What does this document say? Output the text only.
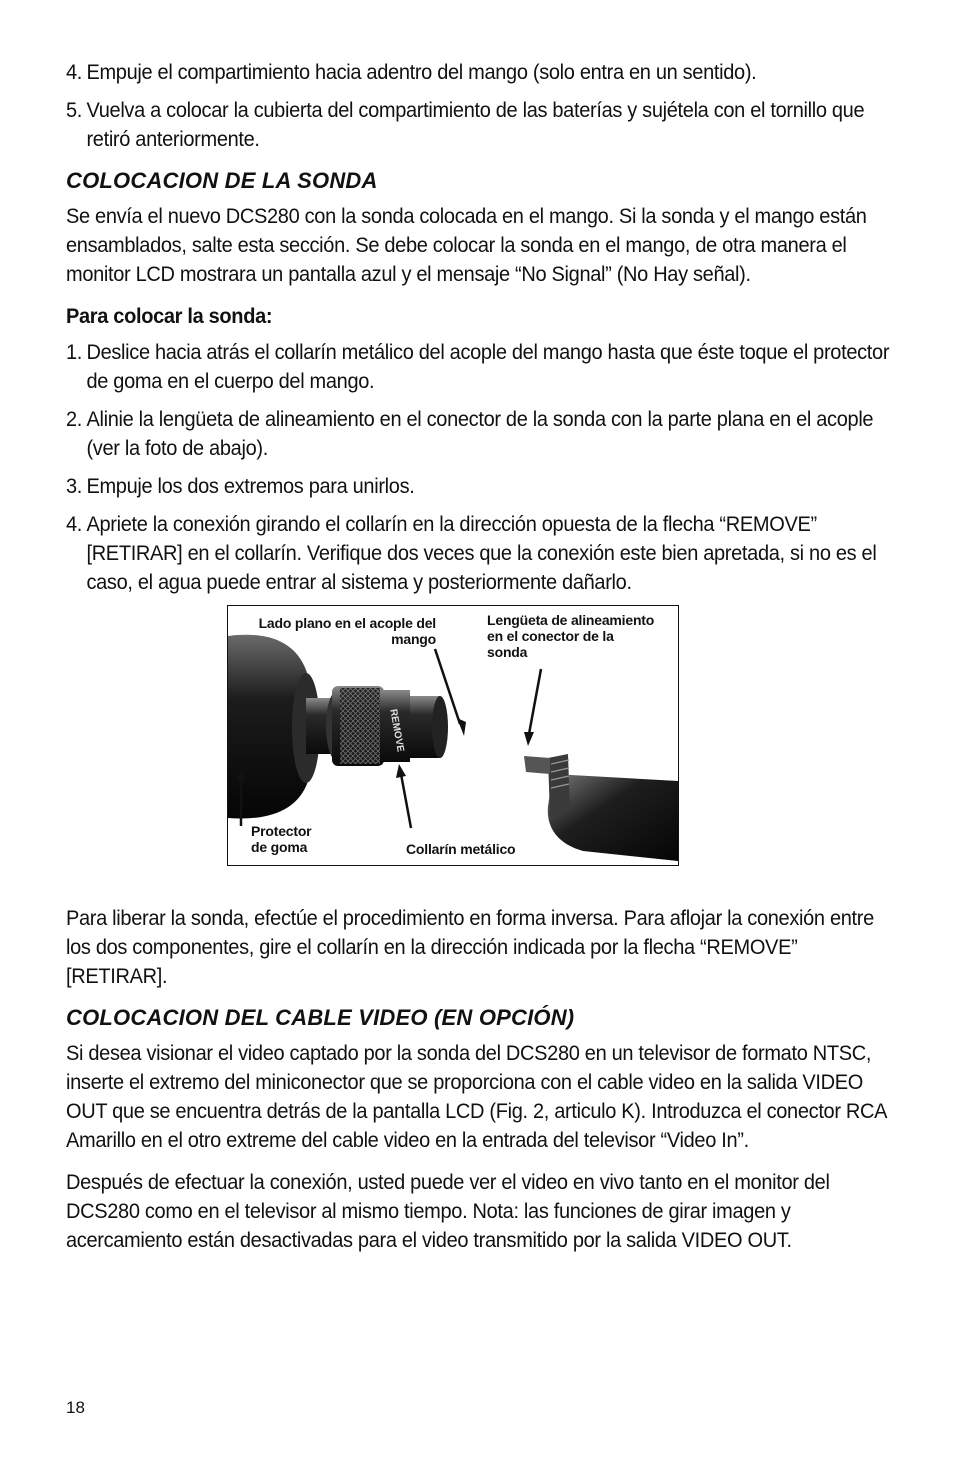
4. Empuje el compartimiento hacia adentro del mango (solo entra en un sentido).
5. Vuelva a colocar la cubierta del compartimiento de las baterías y sujétela con el tornillo que retiró anteriormente.
COLOCACION DE LA SONDA

Se envía el nuevo DCS280 con la sonda colocada en el mango. Si la sonda y el mango están ensamblados, salte esta sección. Se debe colocar la sonda en el mango, de otra manera el monitor LCD mostrara un pantalla azul y el mensaje “No Signal” (No Hay señal).

Para colocar la sonda:

1. Deslice hacia atrás el collarín metálico del acople del mango hasta que éste toque el protector de goma en el cuerpo del mango.
2. Alinie la lengüeta de alineamiento en el conector de la sonda con la parte plana en el acople (ver la foto de abajo).
3. Empuje los dos extremos para unirlos.
4. Apriete la conexión girando el collarín en la dirección opuesta de la flecha “REMOVE” [RETIRAR] en el collarín. Verifique dos veces que la conexión este bien apretada, si no es el caso, el agua puede entrar al sistema y posteriormente dañarlo.
REMOVE
Lado plano en el acople del mango
Lengüeta de alineamiento en el conector de la sonda
Protector de goma	Collarín metálico

Para liberar la sonda, efectúe el procedimiento en forma inversa. Para aflojar la conexión entre los dos componentes, gire el collarín en la dirección indicada por la flecha “REMOVE” [RETIRAR].

COLOCACION DEL CABLE VIDEO (EN OPCIÓN)

Si desea visionar el video captado por la sonda del DCS280 en un televisor de formato NTSC, inserte el extremo del miniconector que se proporciona con el cable video en la salida VIDEO OUT que se encuentra detrás de la pantalla LCD (Fig. 2, articulo K). Introduzca el conector RCA Amarillo en el otro extreme del cable video en la entrada del televisor “Video In”.

Después de efectuar la conexión, usted puede ver el video en vivo tanto en el monitor del DCS280 como en el televisor al mismo tiempo. Nota: las funciones de girar imagen y acercamiento están desactivadas para el video transmitido por la salida VIDEO OUT.

18
